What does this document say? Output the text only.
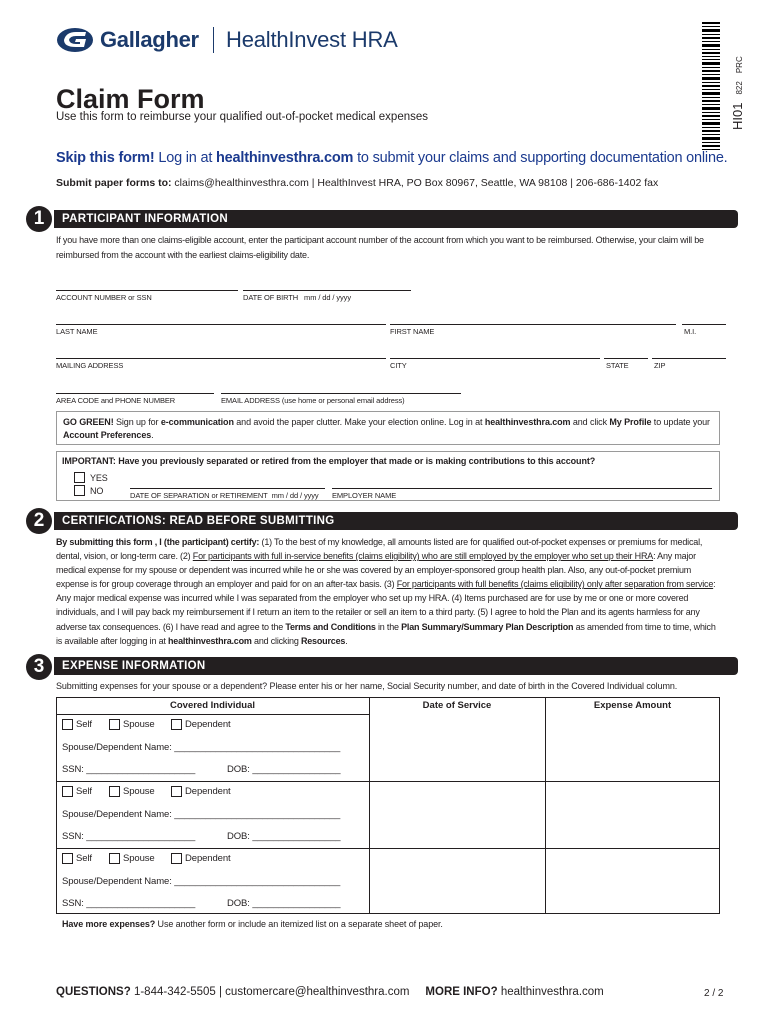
Gallagher HealthInvest HRA
HI01
822
PRC
Claim Form
Use this form to reimburse your qualified out-of-pocket medical expenses
Skip this form! Log in at healthinvesthra.com to submit your claims and supporting documentation online.
Submit paper forms to: claims@healthinvesthra.com | HealthInvest HRA, PO Box 80967, Seattle, WA 98108 | 206-686-1402 fax
1	PARTICIPANT INFORMATION
If you have more than one claims-eligible account, enter the participant account number of the account from which you want to be reimbursed. Otherwise, your claim will be reimbursed from the account with the earliest claims-eligibility date.
ACCOUNT NUMBER or SSN	DATE OF BIRTH mm / dd / yyyy
LAST NAME	FIRST NAME	M.I.
MAILING ADDRESS	CITY	STATE	ZIP
AREA CODE and PHONE NUMBER	EMAIL ADDRESS (use home or personal email address)
GO GREEN! Sign up for e-communication and avoid the paper clutter. Make your election online. Log in at healthinvesthra.com and click My Profile to update your Account Preferences.
IMPORTANT: Have you previously separated or retired from the employer that made or is making contributions to this account?
YES
NO	DATE OF SEPARATION or RETIREMENT mm / dd / yyyy EMPLOYER NAME
2	CERTIFICATIONS: READ BEFORE SUBMITTING
By submitting this form , I (the participant) certify: (1) To the best of my knowledge, all amounts listed are for qualified out-of-pocket expenses or premiums for medical, dental, vision, or long-term care. (2) For participants with full in-service benefits (claims eligibility) who are still employed by the employer who set up their HRA: Any major medical expense for my spouse or dependent was incurred while he or she was covered by an employer-sponsored group health plan. Also, any out-of-pocket premium expense is for group coverage through an employer and paid for on an after-tax basis. (3) For participants with full benefits (claims eligibility) only after separation from service: Any major medical expense was incurred while I was separated from the employer who set up my HRA. (4) Items purchased are for use by me or one or more covered individuals, and I will pay back my reimbursement if I return an item to the retailer or sell an item to a third party. (5) I agree to hold the Plan and its agents harmless for any adverse tax consequences. (6) I have read and agree to the Terms and Conditions in the Plan Summary/Summary Plan Description as amended from time to time, which is available after logging in at healthinvesthra.com and clicking Resources.
3	EXPENSE INFORMATION
Submitting expenses for your spouse or a dependent? Please enter his or her name, Social Security number, and date of birth in the Covered Individual column.
Covered Individual	Date of Service	Expense Amount
Self	Spouse	Dependent
Spouse/Dependent Name: ________________________________
SSN: _____________________	DOB: _________________
Self	Spouse	Dependent
Spouse/Dependent Name: ________________________________
SSN: _____________________	DOB: _________________
Self	Spouse	Dependent
Spouse/Dependent Name: ________________________________
SSN: _____________________	DOB: _________________
Have more expenses? Use another form or include an itemized list on a separate sheet of paper.
QUESTIONS? 1-844-342-5505 | customercare@healthinvesthra.com MORE INFO? healthinvesthra.com	2 / 2
